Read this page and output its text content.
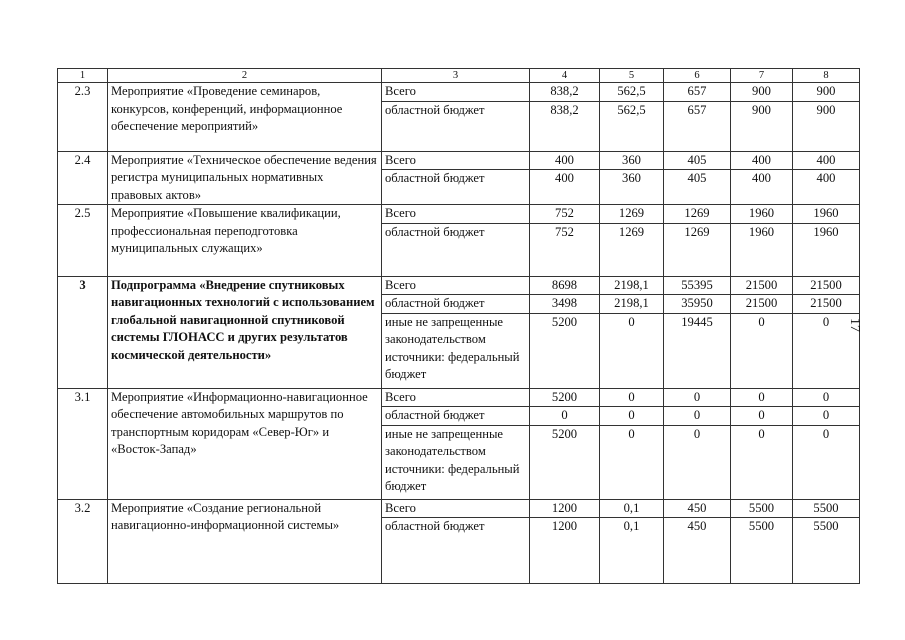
1	2	3	4	5	6	7	8
2.3	Мероприятие «Проведение семинаров, конкурсов, конференций, информационное обеспечение мероприятий»	Всего	838,2	562,5	657	900	900
		областной бюджет	838,2	562,5	657	900	900
2.4	Мероприятие «Техническое обеспечение ведения регистра муниципальных нормативных правовых актов»	Всего	400	360	405	400	400
		областной бюджет	400	360	405	400	400
2.5	Мероприятие «Повышение квалификации, профессиональная переподготовка муниципальных служащих»	Всего	752	1269	1269	1960	1960
		областной бюджет	752	1269	1269	1960	1960
3	Подпрограмма «Внедрение спутниковых навигационных технологий с использованием глобальной навигационной спутниковой системы ГЛОНАСС и других результатов космической деятельности»	Всего	8698	2198,1	55395	21500	21500
		областной бюджет	3498	2198,1	35950	21500	21500
		иные не запрещенные законодательством источники: федеральный бюджет	5200	0	19445	0	0
3.1	Мероприятие «Информационно-навигационное обеспечение автомобильных маршрутов по транспортным коридорам «Север-Юг» и «Восток-Запад»	Всего	5200	0	0	0	0
		областной бюджет	0	0	0	0	0
		иные не запрещенные законодательством источники: федеральный бюджет	5200	0	0	0	0
3.2	Мероприятие «Создание региональной навигационно-информационной системы»	Всего	1200	0,1	450	5500	5500
		областной бюджет	1200	0,1	450	5500	5500
17
